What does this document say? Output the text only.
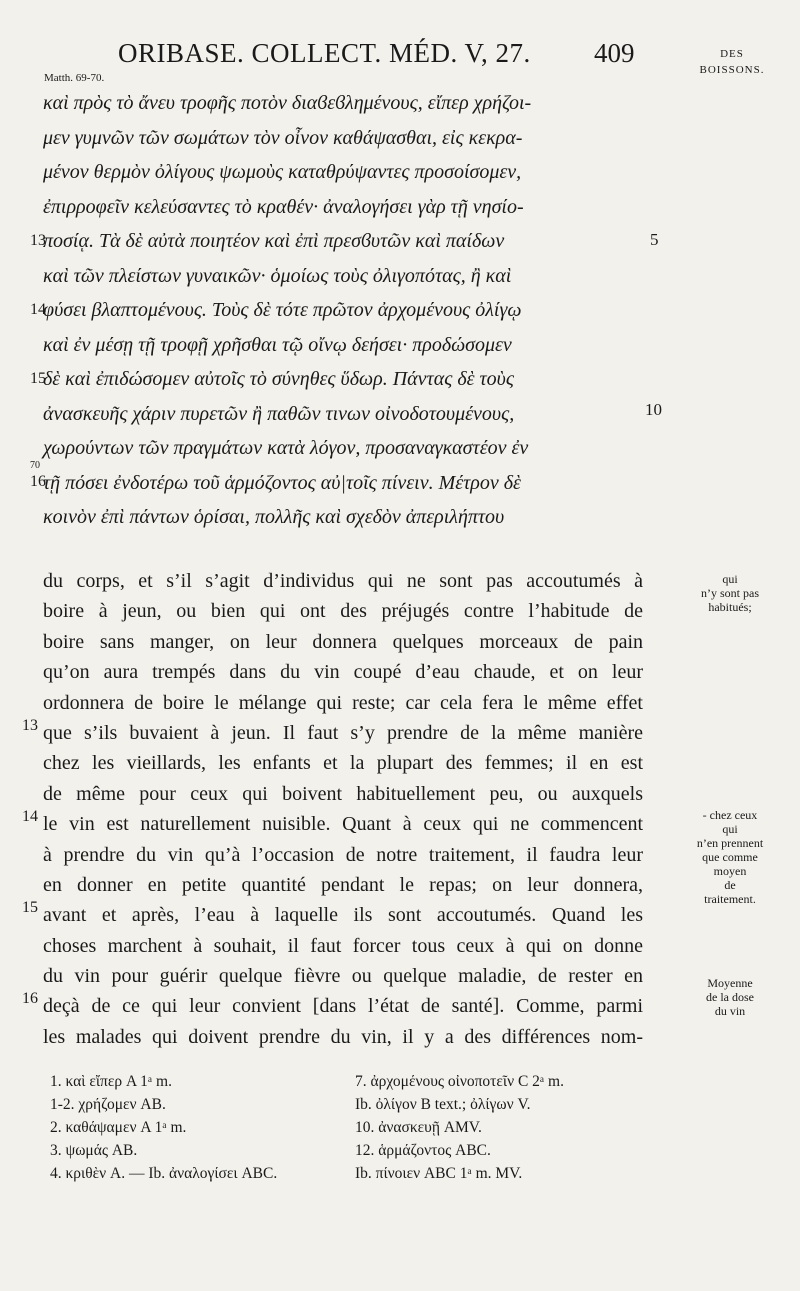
ORIBASE. COLLECT. MÉD. V, 27. 409	DES
BOISSONS.
Matth. 69-70.
καὶ πρὸς τὸ ἄνευ τροφῆς ποτὸν διαϐεϐλημένους, εἴπερ χρήζοι-
μεν γυμνῶν τῶν σωμάτων τὸν οἶνον καθάψασθαι, εἰς κεκρα-
μένον θερμὸν ὀλίγους ψωμοὺς καταθρύψαντες προσοίσομεν,
ἐπιρροφεῖν κελεύσαντες τὸ κραθέν· ἀναλογήσει γὰρ τῇ νησίο-
ποσίᾳ. Τὰ δὲ αὐτὰ ποιητέον καὶ ἐπὶ πρεσϐυτῶν καὶ παίδων
καὶ τῶν πλείστων γυναικῶν· ὁμοίως τοὺς ὀλιγοπότας, ἢ καὶ
φύσει βλαπτομένους. Τοὺς δὲ τότε πρῶτον ἀρχομένους ὀλίγῳ
καὶ ἐν μέσῃ τῇ τροφῇ χρῆσθαι τῷ οἴνῳ δεήσει· προδώσομεν
δὲ καὶ ἐπιδώσομεν αὐτοῖς τὸ σύνηθες ὕδωρ. Πάντας δὲ τοὺς
ἀνασκευῆς χάριν πυρετῶν ἢ παθῶν τινων οἰνοδοτουμένους,
χωρούντων τῶν πραγμάτων κατὰ λόγον, προσαναγκαστέον ἐν
τῇ πόσει ἐνδοτέρω τοῦ ἁρμόζοντος αὐ|τοῖς πίνειν. Μέτρον δὲ
κοινὸν ἐπὶ πάντων ὁρίσαι, πολλῆς καὶ σχεδὸν ἀπεριλήπτου
13
14
15
16
70
5
10
du corps, et s’il s’agit d’individus qui ne sont pas accoutumés à
boire à jeun, ou bien qui ont des préjugés contre l’habitude de
boire sans manger, on leur donnera quelques morceaux de pain
qu’on aura trempés dans du vin coupé d’eau chaude, et on leur
ordonnera de boire le mélange qui reste; car cela fera le même effet
que s’ils buvaient à jeun. Il faut s’y prendre de la même manière
chez les vieillards, les enfants et la plupart des femmes; il en est
de même pour ceux qui boivent habituellement peu, ou auxquels
le vin est naturellement nuisible. Quant à ceux qui ne commencent
à prendre du vin qu’à l’occasion de notre traitement, il faudra leur
en donner en petite quantité pendant le repas; on leur donnera,
avant et après, l’eau à laquelle ils sont accoutumés. Quand les
choses marchent à souhait, il faut forcer tous ceux à qui on donne
du vin pour guérir quelque fièvre ou quelque maladie, de rester en
deçà de ce qui leur convient [dans l’état de santé]. Comme, parmi
les malades qui doivent prendre du vin, il y a des différences nom-
13
14
15
16
qui
n’y sont pas
habitués;
- chez ceux
qui
n’en prennent
que comme
moyen
de
traitement.
Moyenne
de la dose
du vin
1. καὶ εἴπερ A 1ᵃ m.
1-2. χρήζομεν AB.
2. καθάψαμεν A 1ᵃ m.
3. ψωμάς AB.
4. κριθὲν A. — Ib. ἀναλογίσει ABC.
7. ἀρχομένους οἰνοποτεῖν C 2ᵃ m.
Ib. ὀλίγον B text.; ὀλίγων V.
10. ἀνασκευῇ AMV.
12. ἁρμάζοντος ABC.
Ib. πίνοιεν ABC 1ᵃ m. MV.
